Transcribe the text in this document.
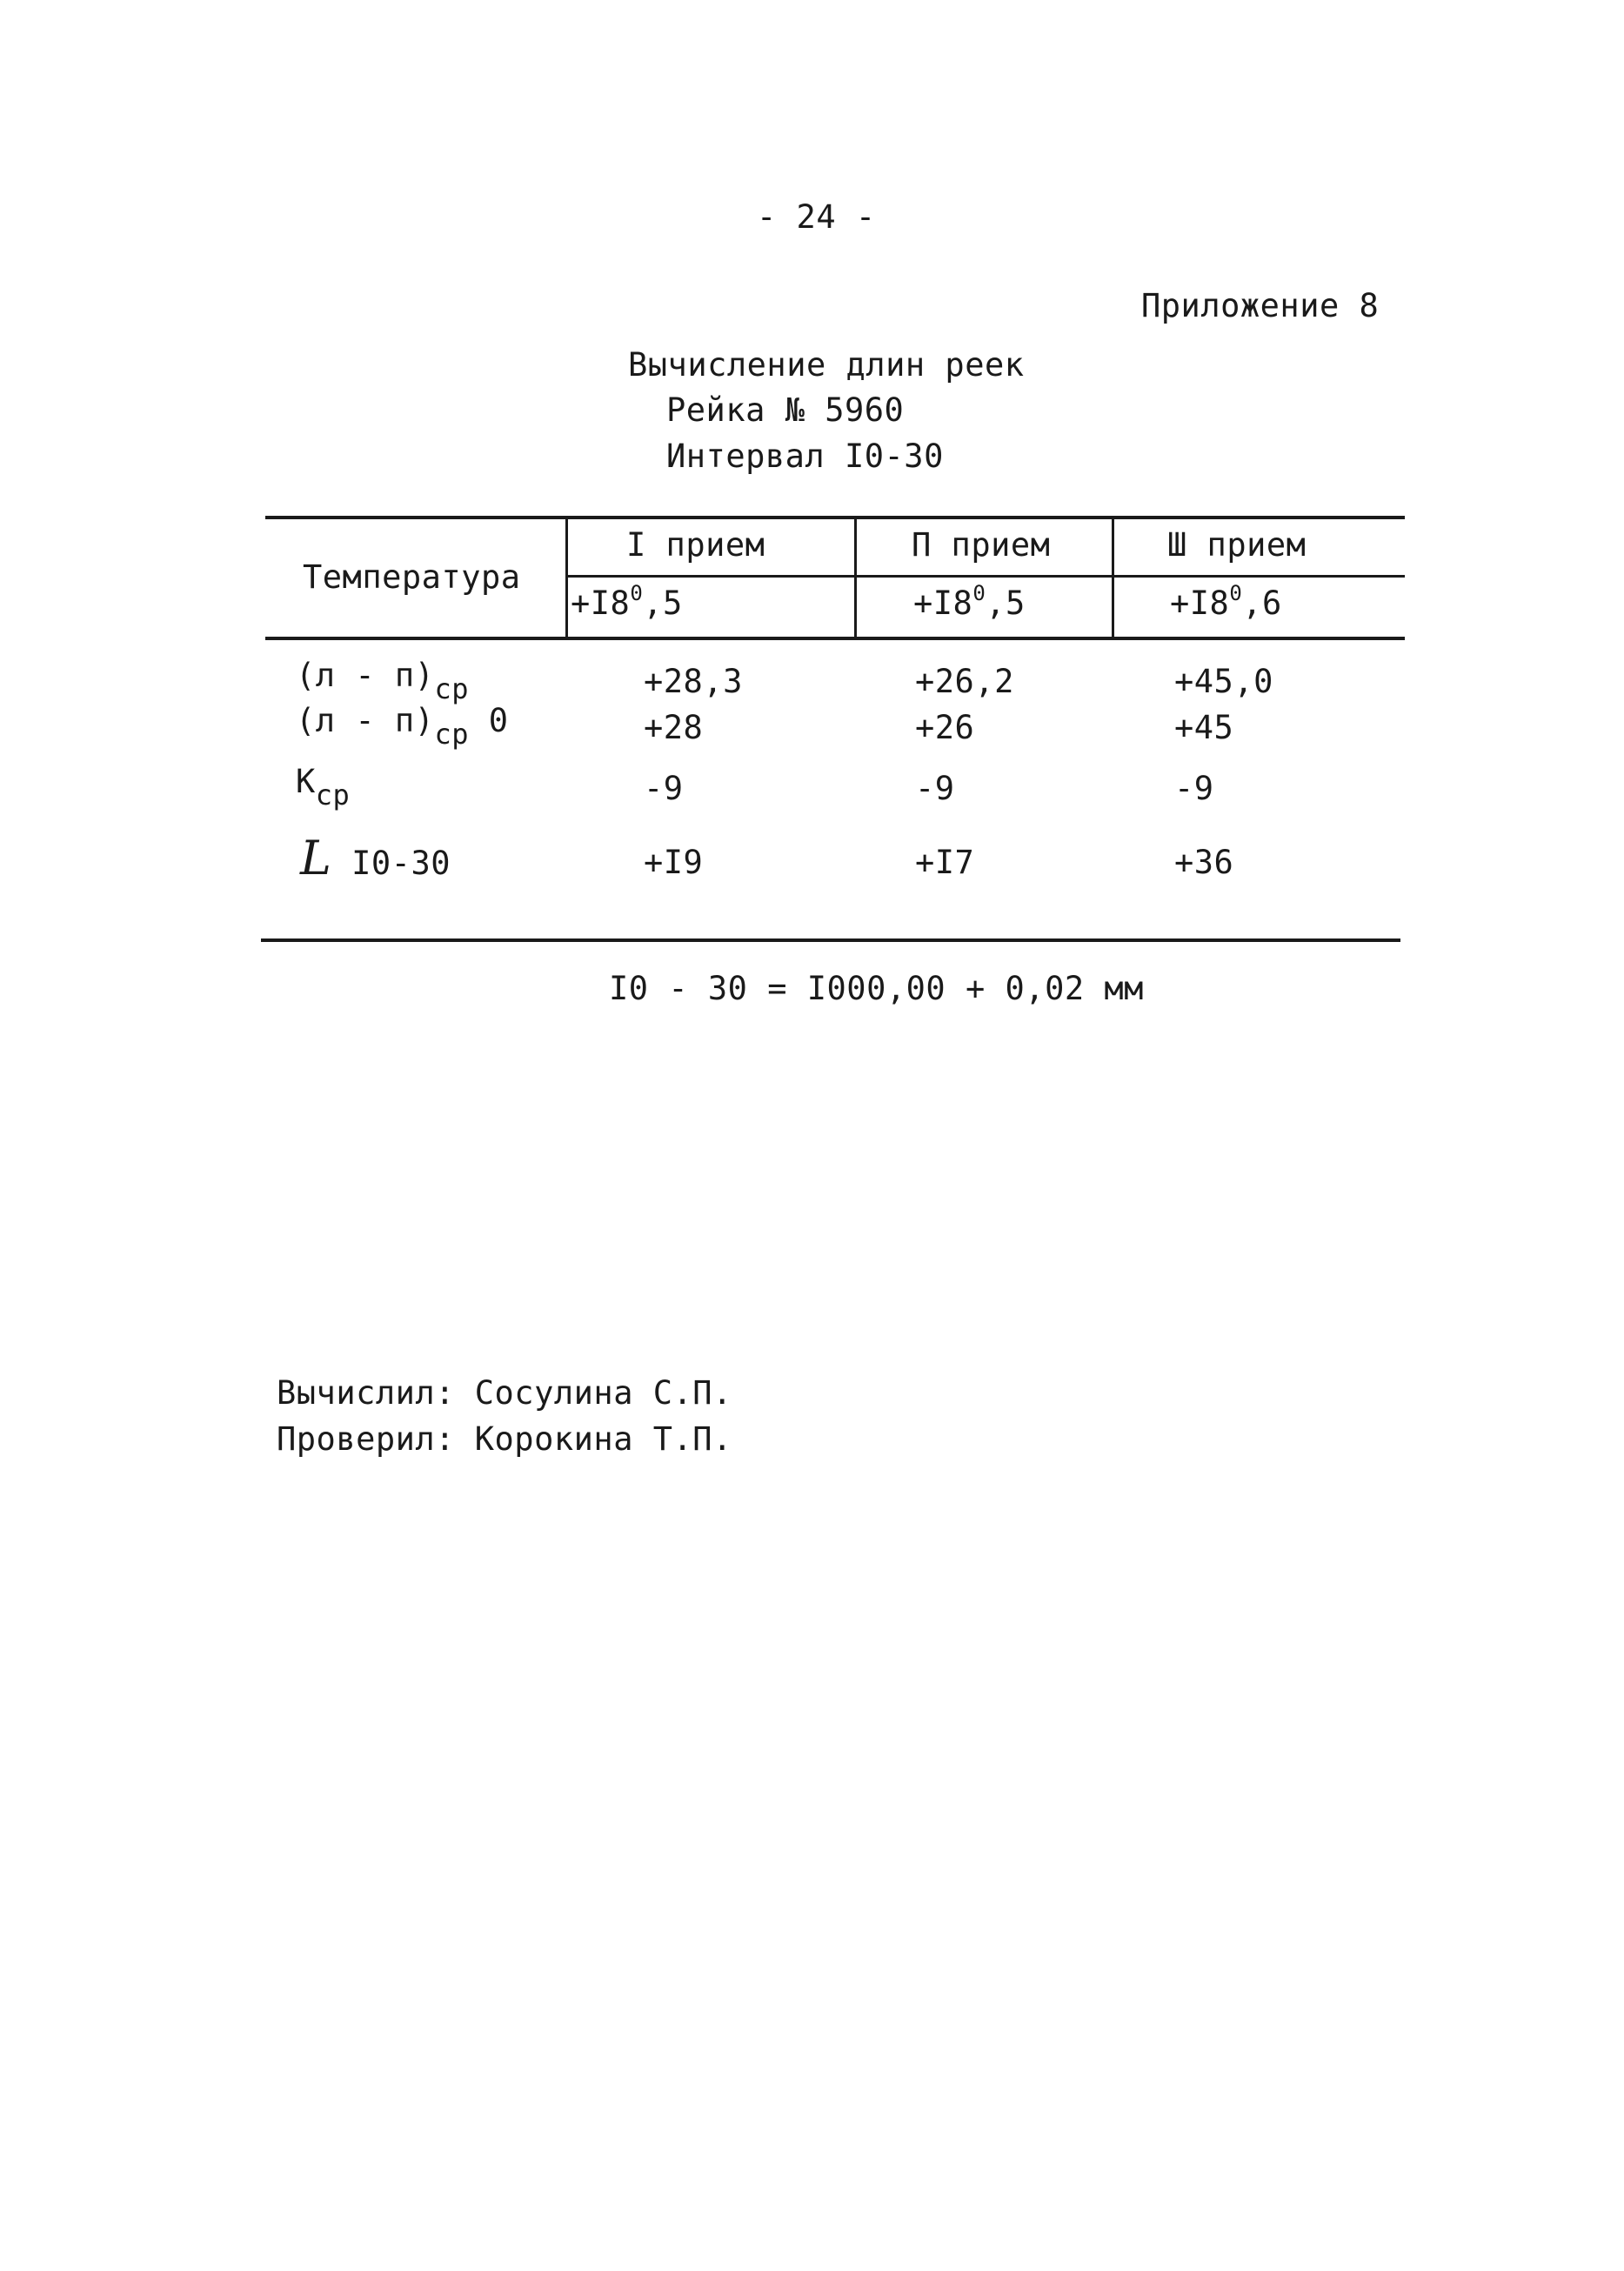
- 24 -
Приложение 8
Вычисление длин реек
Рейка № 5960
Интервал I0-30
Температура
I прием	П прием	Ш прием
$+I8^0,5$	$+I8^0,5$	$+I8^0,6$
(л - п)ср	+28,3	+26,2	+45,0
(л - п)ср 0	+28	+26	+45
Кср	-9	-9	-9
L I0-30	+I9	+I7	+36
I0 - 30 = I000,00 + 0,02 мм
Вычислил: Сосулина С.П.
Проверил: Корокина Т.П.
